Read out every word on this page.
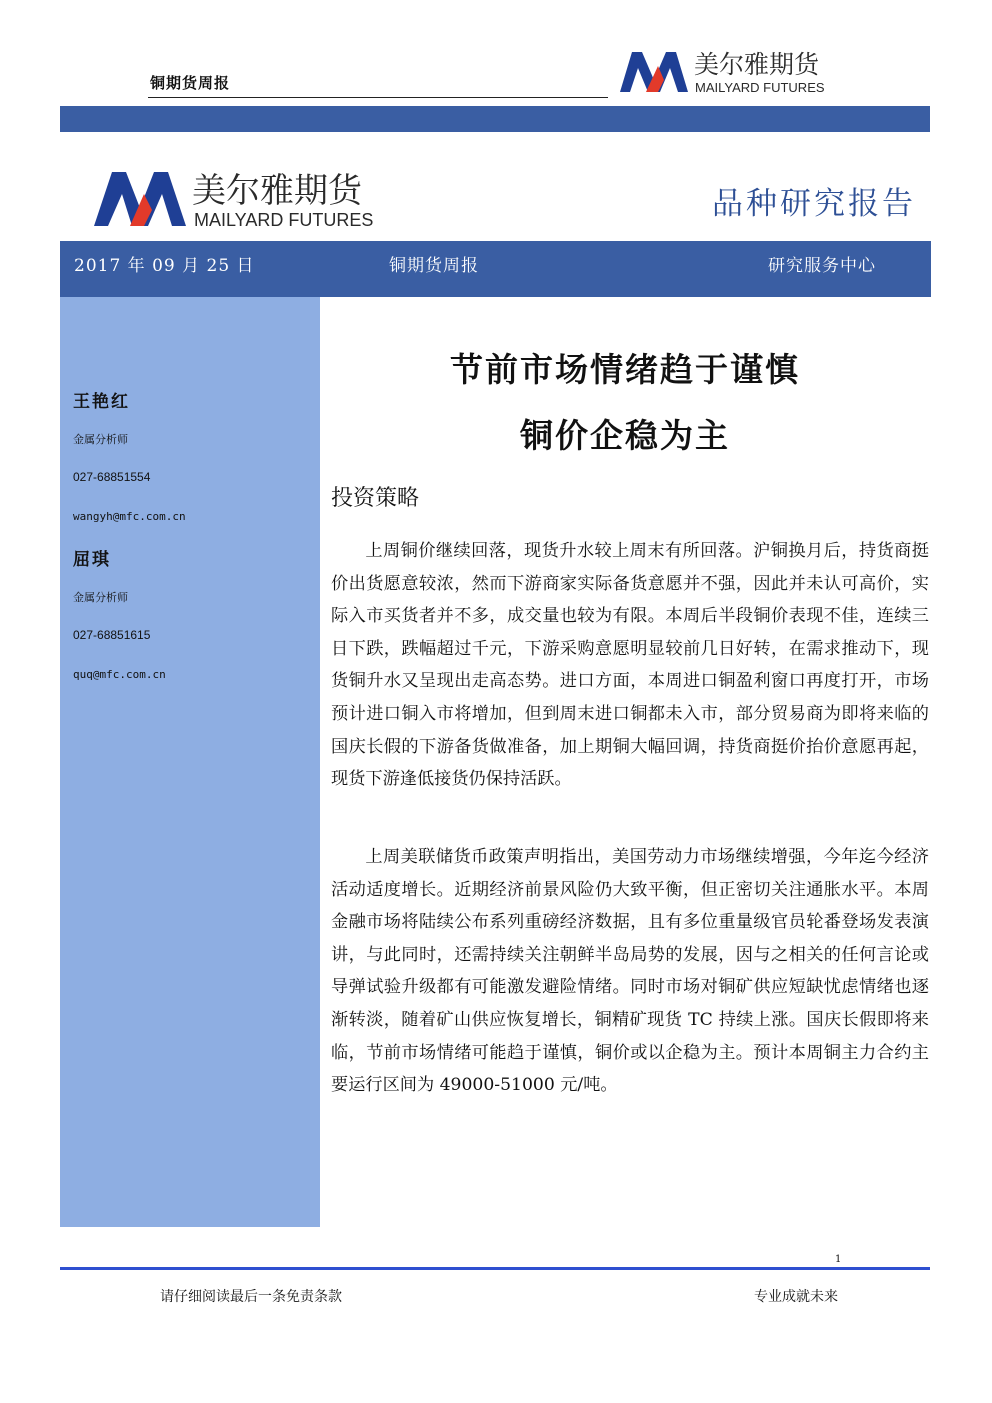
铜期货周报
美尔雅期货
MAILYARD FUTURES
美尔雅期货
MAILYARD FUTURES	品种研究报告
2017 年 09 月 25 日	铜期货周报	研究服务中心
王艳红
金属分析师
027-68851554
wangyh@mfc.com.cn
屈琪
金属分析师
027-68851615
quq@mfc.com.cn
节前市场情绪趋于谨慎
铜价企稳为主
投资策略

上周铜价继续回落，现货升水较上周末有所回落。沪铜换月后，持货商挺价出货愿意较浓，然而下游商家实际备货意愿并不强，因此并未认可高价，实际入市买货者并不多，成交量也较为有限。本周后半段铜价表现不佳，连续三日下跌，跌幅超过千元，下游采购意愿明显较前几日好转，在需求推动下，现货铜升水又呈现出走高态势。进口方面，本周进口铜盈利窗口再度打开，市场预计进口铜入市将增加，但到周末进口铜都未入市，部分贸易商为即将来临的国庆长假的下游备货做准备，加上期铜大幅回调，持货商挺价抬价意愿再起，现货下游逢低接货仍保持活跃。

上周美联储货币政策声明指出，美国劳动力市场继续增强，今年迄今经济活动适度增长。近期经济前景风险仍大致平衡，但正密切关注通胀水平。本周金融市场将陆续公布系列重磅经济数据，且有多位重量级官员轮番登场发表演讲，与此同时，还需持续关注朝鲜半岛局势的发展，因与之相关的任何言论或导弹试验升级都有可能激发避险情绪。同时市场对铜矿供应短缺忧虑情绪也逐渐转淡，随着矿山供应恢复增长，铜精矿现货 TC 持续上涨。国庆长假即将来临，节前市场情绪可能趋于谨慎，铜价或以企稳为主。预计本周铜主力合约主要运行区间为 49000-51000 元/吨。

1
请仔细阅读最后一条免责条款	专业成就未来
